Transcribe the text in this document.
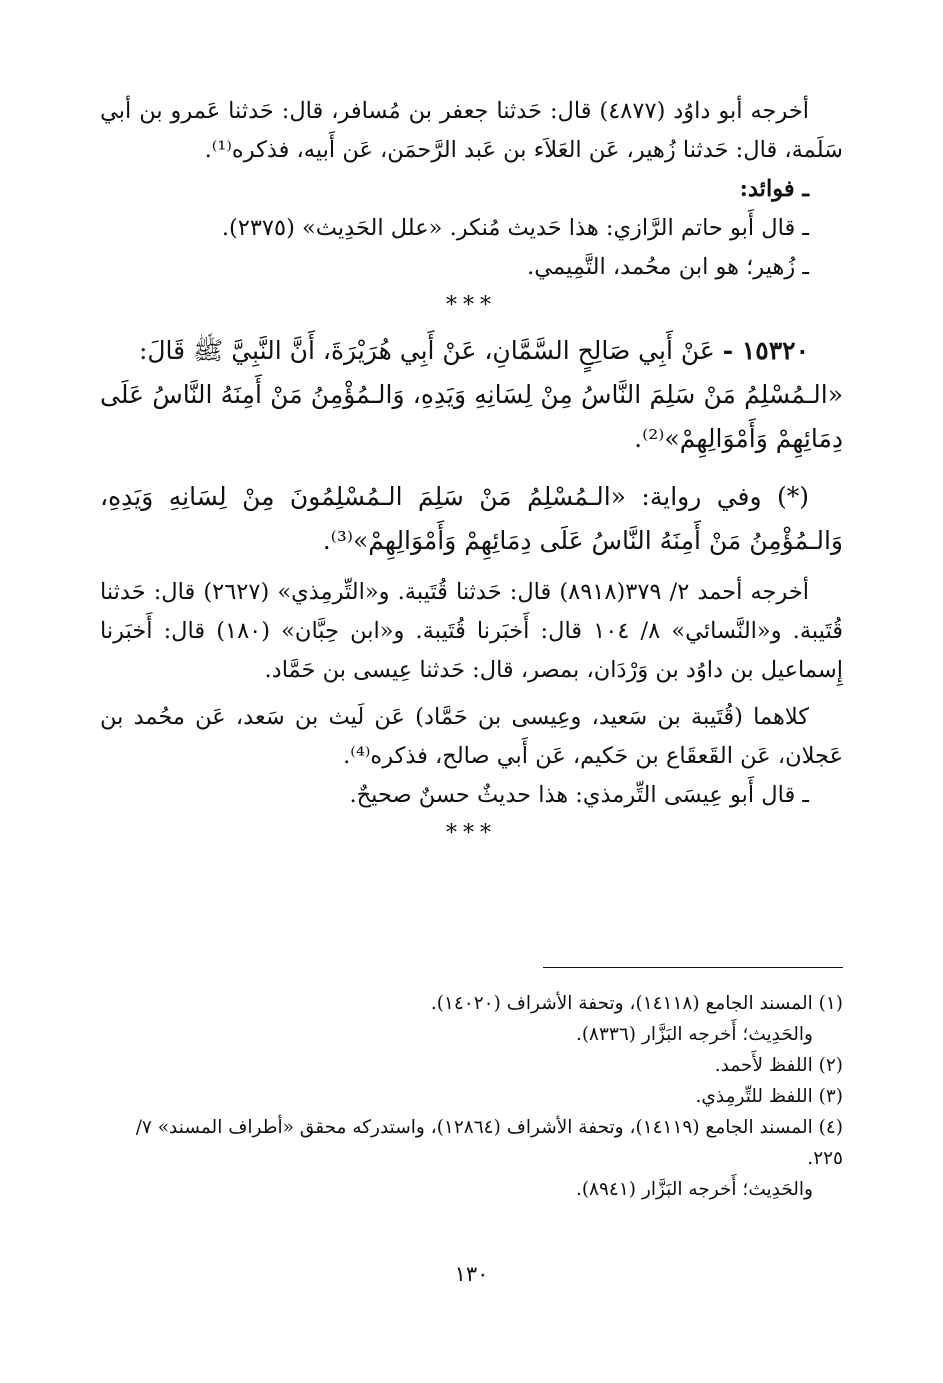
أخرجه أبو داوُد (٤٨٧٧) قال: حَدثنا جعفر بن مُسافر، قال: حَدثنا عَمرو بن أبي سَلَمة، قال: حَدثنا زُهير، عَن العَلاَء بن عَبد الرَّحمَن، عَن أَبيه، فذكره⁽¹⁾.

ـ فوائد:

ـ قال أَبو حاتم الرَّازي: هذا حَديث مُنكر. «علل الحَدِيث» (٢٣٧٥).

ـ زُهير؛ هو ابن محُمد، التَّمِيمي.

***

١٥٣٢٠ - عَنْ أَبِي صَالِحٍ السَّمَّانِ، عَنْ أَبِي هُرَيْرَةَ، أَنَّ النَّبِيَّ ﷺ قَالَ:

«الـمُسْلِمُ مَنْ سَلِمَ النَّاسُ مِنْ لِسَانِهِ وَيَدِهِ، وَالـمُؤْمِنُ مَنْ أَمِنَهُ النَّاسُ عَلَى دِمَائِهِمْ وَأَمْوَالِهِمْ»⁽²⁾.

(*) وفي رواية: «الـمُسْلِمُ مَنْ سَلِمَ الـمُسْلِمُونَ مِنْ لِسَانِهِ وَيَدِهِ، وَالـمُؤْمِنُ مَنْ أَمِنَهُ النَّاسُ عَلَى دِمَائِهِمْ وَأَمْوَالِهِمْ»⁽³⁾.

أخرجه أحمد ٢/ ٣٧٩(٨٩١٨) قال: حَدثنا قُتَيبة. و«التِّرمِذي» (٢٦٢٧) قال: حَدثنا قُتَيبة. و«النَّسائي» ٨/ ١٠٤ قال: أَخبَرنا قُتَيبة. و«ابن حِبَّان» (١٨٠) قال: أَخبَرنا إِسماعيل بن داوُد بن وَرْدَان، بمصر، قال: حَدثنا عِيسى بن حَمَّاد.

كلاهما (قُتَيبة بن سَعيد، وعِيسى بن حَمَّاد) عَن لَيث بن سَعد، عَن محُمد بن عَجلان، عَن القَعقَاع بن حَكيم، عَن أَبي صالح، فذكره⁽⁴⁾.

ـ قال أَبو عِيسَى التِّرمذي: هذا حديثٌ حسنٌ صحيحٌ.

***

(١) المسند الجامع (١٤١١٨)، وتحفة الأشراف (١٤٠٢٠).

والحَدِيث؛ أَخرجه البَزَّار (٨٣٣٦).

(٢) اللفظ لأَحمد.

(٣) اللفظ للتِّرمِذي.

(٤) المسند الجامع (١٤١١٩)، وتحفة الأشراف (١٢٨٦٤)، واستدركه محقق «أطراف المسند» ٧/ ٢٢٥.

والحَدِيث؛ أَخرجه البَزَّار (٨٩٤١).

١٣٠
